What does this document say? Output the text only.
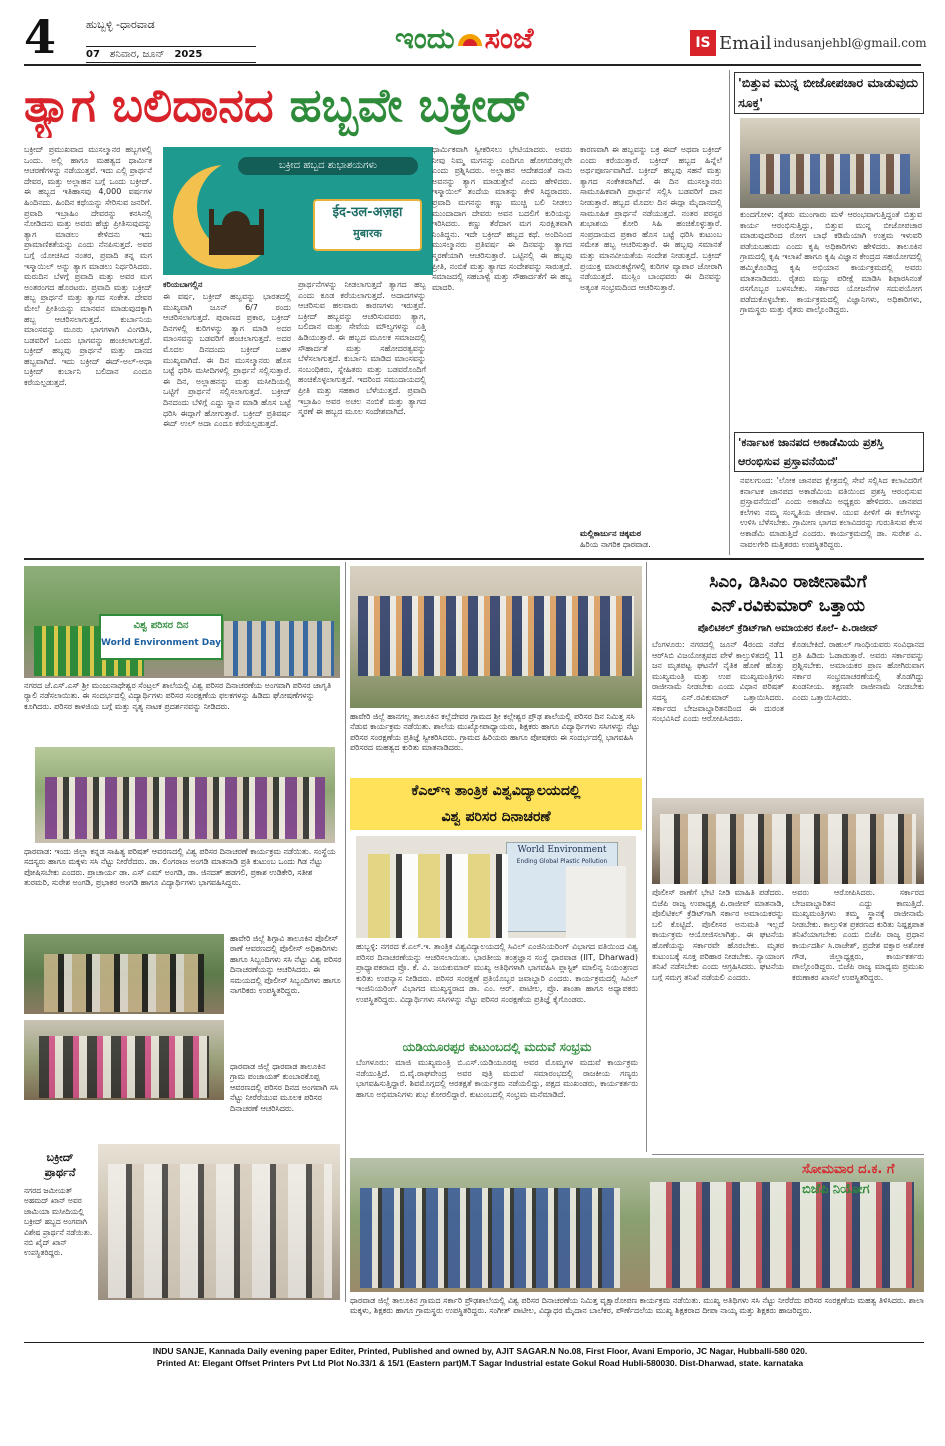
4	ಹುಬ್ಬಳ್ಳಿ -ಧಾರವಾಡ
07 ಶನಿವಾರ, ಜೂನ್ 2025	ಇಂದು ಸಂಜೆ	IS Email indusanjehbl@gmail.com
ತ್ಯಾಗ ಬಲಿದಾನದ ಹಬ್ಬವೇ ಬಕ್ರೀದ್
ಬಕ್ರೀದ್ ಪ್ರಮುಖವಾದ ಮುಸಲ್ಮಾನರ ಹಬ್ಬಗಳಲ್ಲಿ ಒಂದು. ಅಲ್ಲಿ ಹಾಗೂ ಮಹತ್ವದ ಧಾರ್ಮಿಕ ಆಚರಣೆಗಳನ್ನು ನಡೆಯುತ್ತವೆ. ಇದು ಎಲ್ಲಿ ಪ್ರಾರ್ಥನೆ ದೇವರ, ಮತ್ತು ಅಲ್ಲಾಹನ ಬಗ್ಗೆ ಒಂದು ಬಕ್ರೀದ್. ಈ ಹಬ್ಬದ ಇತಿಹಾಸವು 4,000 ವರ್ಷಗಳ ಹಿಂದಿನದು. ಹಿಂದಿನ ಕಥೆಯನ್ನು ಸೇರಿಸುವ ಜನರಿಗೆ. ಪ್ರವಾದಿ ಇಬ್ರಾಹಿಂ ದೇವರನ್ನು ಕನಸಿನಲ್ಲಿ ನೋಡಿದನು ಮತ್ತು ಅವರು ಹೆಚ್ಚು ಪ್ರೀತಿಸುವುದನ್ನು ತ್ಯಾಗ ಮಾಡಲು ಕೇಳಿದನು ಇದು ಪ್ರಾಮಾಣಿಕತೆಯನ್ನು ಎಂದು ನೆನಪಿಸುತ್ತದೆ. ಅವರ ಬಗ್ಗೆ ಯೋಚಿಸಿದ ನಂತರ, ಪ್ರವಾದಿ ತನ್ನ ಮಗ ಇಸ್ಮಾಯಿಲ್ ಅನ್ನು ತ್ಯಾಗ ಮಾಡಲು ನಿರ್ಧರಿಸಿದರು. ಮರುದಿನ ಬೆಳಗ್ಗೆ ಪ್ರವಾದಿ ಮತ್ತು ಅವರ ಮಗ ಅಂತರಂಗದ ಹೊರಟರು. ಪ್ರವಾದಿ ಮತ್ತು ಬಕ್ರೀದ್ ಹಬ್ಬ ಪ್ರಾರ್ಥನೆ ಮತ್ತು ತ್ಯಾಗದ ಸಂಕೇತ. ದೇವರ ಮೇಲೆ ಪ್ರೀತಿಯನ್ನು ಮಾನವನ ಮಾಡುವುದಕ್ಕಾಗಿ ಹಬ್ಬ ಆಚರಿಸಲಾಗುತ್ತದೆ. ಕುರ್ಬಾನಿಯ ಮಾಂಸವನ್ನು ಮೂರು ಭಾಗಗಳಾಗಿ ವಿಂಗಡಿಸಿ, ಬಡವರಿಗೆ ಒಂದು ಭಾಗವನ್ನು ಹಂಚಲಾಗುತ್ತದೆ. ಬಕ್ರೀದ್ ಹಬ್ಬವು ಪ್ರಾರ್ಥನೆ ಮತ್ತು ದಾನದ ಹಬ್ಬವಾಗಿದೆ. ಇದು ಬಕ್ರೀದ್ ಈದ್-ಅಲ್-ಅಧಾ ಬಕ್ರೀದ್ ಕುರ್ಬಾನಿ ಬಲಿದಾನ ಎಂದೂ ಕರೆಯಲ್ಪಡುತ್ತದೆ.
ಬಕ್ರೀದ ಹಬ್ಬದ ಶುಭಾಶಯಗಳು
ईद-उल-अज़हा
मुबारक
ಕರಿಯಬಾಗಲ್ಲಿನ
ಈ ವರ್ಷ, ಬಕ್ರೀದ್ ಹಬ್ಬವನ್ನು ಭಾರತದಲ್ಲಿ ಮುಖ್ಯವಾಗಿ ಜೂನ್ 6/7 ರಂದು ಆಚರಿಸಲಾಗುತ್ತದೆ. ಪುರಾಣದ ಪ್ರಕಾರ, ಬಕ್ರೀದ್ ದಿನಗಳಲ್ಲಿ ಕುರಿಗಳನ್ನು ತ್ಯಾಗ ಮಾಡಿ ಅದರ ಮಾಂಸವನ್ನು ಬಡವರಿಗೆ ಹಂಚಲಾಗುತ್ತದೆ. ಅದರ ಮೊದಲ ದಿನದಂದು ಬಕ್ರೀದ್ ಬಹಳ ಮುಖ್ಯವಾಗಿದೆ. ಈ ದಿನ ಮುಸಲ್ಮಾನರು ಹೊಸ ಬಟ್ಟೆ ಧರಿಸಿ ಮಸೀದಿಗಳಲ್ಲಿ ಪ್ರಾರ್ಥನೆ ಸಲ್ಲಿಸುತ್ತಾರೆ. ಈ ದಿನ, ಅಲ್ಲಾಹನನ್ನು ಮತ್ತು ಮಸೀದಿಯಲ್ಲಿ ಒಟ್ಟಿಗೆ ಪ್ರಾರ್ಥನೆ ಸಲ್ಲಿಸಲಾಗುತ್ತದೆ. ಬಕ್ರೀದ್ ದಿನದಂದು ಬೆಳಿಗ್ಗೆ ಎದ್ದು ಸ್ನಾನ ಮಾಡಿ ಹೊಸ ಬಟ್ಟೆ ಧರಿಸಿ ಈದ್ಗಾಗೆ ಹೋಗುತ್ತಾರೆ. ಬಕ್ರೀದ್ ಪ್ರತಿವರ್ಷ ಈದ್ ಉಲ್ ಅದಾ ಎಂದೂ ಕರೆಯಲ್ಪಡುತ್ತದೆ.
ಪ್ರಾರ್ಥನೆಗಳನ್ನು ನೀಡಲಾಗುತ್ತದೆ ತ್ಯಾಗದ ಹಬ್ಬ ಎಂದು ಕೂಡ ಕರೆಯಲಾಗುತ್ತದೆ. ಅದಾದಗಳನ್ನು ಆಚರಿಸುವ ಹಲವಾರು ಕಾರಣಗಳು ಇರುತ್ತವೆ. ಬಕ್ರೀದ್ ಹಬ್ಬವನ್ನು ಆಚರಿಸುವವರು ತ್ಯಾಗ, ಬಲಿದಾನ ಮತ್ತು ಸೇವೆಯ ಮೌಲ್ಯಗಳನ್ನು ಎತ್ತಿ ಹಿಡಿಯುತ್ತಾರೆ. ಈ ಹಬ್ಬದ ಮೂಲಕ ಸಮಾಜದಲ್ಲಿ ಸೌಹಾರ್ದತೆ ಮತ್ತು ಸಹೋದರತ್ವವನ್ನು ಬೆಳೆಸಲಾಗುತ್ತದೆ. ಕುರ್ಬಾನಿ ಮಾಡಿದ ಮಾಂಸವನ್ನು ಸಂಬಂಧಿಕರು, ಸ್ನೇಹಿತರು ಮತ್ತು ಬಡವರೊಂದಿಗೆ ಹಂಚಿಕೊಳ್ಳಲಾಗುತ್ತದೆ. ಇದರಿಂದ ಸಮುದಾಯದಲ್ಲಿ ಪ್ರೀತಿ ಮತ್ತು ಸಹಕಾರ ಬೆಳೆಯುತ್ತದೆ. ಪ್ರವಾದಿ ಇಬ್ರಾಹಿಂ ಅವರ ಅಚಲ ನಂಬಿಕೆ ಮತ್ತು ತ್ಯಾಗದ ಸ್ಮರಣೆ ಈ ಹಬ್ಬದ ಮೂಲ ಸಂದೇಶವಾಗಿದೆ.
ಧಾರ್ಮಿಕವಾಗಿ ಸ್ವೀಕರಿಸಲು ಭೇಟಿಯಾದರು. ಅವರು ನೀವು ನಿಮ್ಮ ಮಗನನ್ನು ಎಂದಿಗೂ ಹೋಗಬಿಡಲ್ಲವೇ ಎಂದು ಪ್ರಶ್ನಿಸಿದರು. ಅಲ್ಲಾಹನ ಆದೇಶದಂತೆ ನಾನು ಅವನನ್ನು ತ್ಯಾಗ ಮಾಡುತ್ತೇನೆ ಎಂದು ಹೇಳಿದರು. ಇಸ್ಮಾಯಿಲ್ ತಂದೆಯ ಮಾತನ್ನು ಕೇಳಿ ಸಿದ್ಧರಾದರು. ಪ್ರವಾದಿ ಮಗನನ್ನು ಕಣ್ಣು ಮುಚ್ಚಿ ಬಲಿ ನೀಡಲು ಮುಂದಾದಾಗ ದೇವರು ಅವನ ಬದಲಿಗೆ ಕುರಿಯನ್ನು ಇರಿಸಿದರು. ಕಣ್ಣು ತೆರೆದಾಗ ಮಗ ಸುರಕ್ಷಿತವಾಗಿ ನಿಂತಿದ್ದನು. ಇದೇ ಬಕ್ರೀದ್ ಹಬ್ಬದ ಕಥೆ. ಅಂದಿನಿಂದ ಮುಸಲ್ಮಾನರು ಪ್ರತಿವರ್ಷ ಈ ದಿನವನ್ನು ತ್ಯಾಗದ ಸ್ಮರಣೆಯಾಗಿ ಆಚರಿಸುತ್ತಾರೆ. ಒಟ್ಟಿನಲ್ಲಿ ಈ ಹಬ್ಬವು ಪ್ರೀತಿ, ನಂಬಿಕೆ ಮತ್ತು ತ್ಯಾಗದ ಸಂದೇಶವನ್ನು ಸಾರುತ್ತದೆ. ಸಮಾಜದಲ್ಲಿ ಸಹಬಾಳ್ವೆ ಮತ್ತು ಸೌಹಾರ್ದತೆಗೆ ಈ ಹಬ್ಬ ಮಾದರಿ.
ಕಾರಣವಾಗಿ ಈ ಹಬ್ಬವನ್ನು ಬಕ್ರ ಈದ್ ಅಥವಾ ಬಕ್ರೀದ್ ಎಂದು ಕರೆಯುತ್ತಾರೆ. ಬಕ್ರೀದ್ ಹಬ್ಬದ ಹಿನ್ನೆಲೆ ಅರ್ಥಪೂರ್ಣವಾಗಿದೆ. ಬಕ್ರೀದ್ ಹಬ್ಬವು ಸಹನೆ ಮತ್ತು ತ್ಯಾಗದ ಸಂಕೇತವಾಗಿದೆ. ಈ ದಿನ ಮುಸಲ್ಮಾನರು ಸಾಮೂಹಿಕವಾಗಿ ಪ್ರಾರ್ಥನೆ ಸಲ್ಲಿಸಿ ಬಡವರಿಗೆ ದಾನ ನೀಡುತ್ತಾರೆ. ಹಬ್ಬದ ಮೊದಲ ದಿನ ಈದ್ಗಾ ಮೈದಾನದಲ್ಲಿ ಸಾಮೂಹಿಕ ಪ್ರಾರ್ಥನೆ ನಡೆಯುತ್ತದೆ. ನಂತರ ಪರಸ್ಪರ ಶುಭಾಶಯ ಕೋರಿ ಸಿಹಿ ಹಂಚಿಕೊಳ್ಳುತ್ತಾರೆ. ಸಂಪ್ರದಾಯದ ಪ್ರಕಾರ ಹೊಸ ಬಟ್ಟೆ ಧರಿಸಿ ಕುಟುಂಬ ಸಮೇತ ಹಬ್ಬ ಆಚರಿಸುತ್ತಾರೆ. ಈ ಹಬ್ಬವು ಸಮಾನತೆ ಮತ್ತು ಮಾನವೀಯತೆಯ ಸಂದೇಶ ನೀಡುತ್ತದೆ. ಬಕ್ರೀದ್ ಪ್ರಯುಕ್ತ ಮಾರುಕಟ್ಟೆಗಳಲ್ಲಿ ಕುರಿಗಳ ವ್ಯಾಪಾರ ಜೋರಾಗಿ ನಡೆಯುತ್ತದೆ. ಮುಸ್ಲಿಂ ಬಾಂಧವರು ಈ ದಿನವನ್ನು ಅತ್ಯಂತ ಸಂಭ್ರಮದಿಂದ ಆಚರಿಸುತ್ತಾರೆ.
ಮಲ್ಲಿಕಾರ್ಜುನ ಚಿಕ್ಕಮಠ
ಹಿರಿಯ ನಾಗರಿಕ ಧಾರವಾಡ.
'ಬಿತ್ತುವ ಮುನ್ನ ಬೀಜೋಪಚಾರ ಮಾಡುವುದು ಸೂಕ್ತ'
ಕುಂದಗೋಳ: ರೈತರು ಮುಂಗಾರು ಮಳೆ ಆರಂಭವಾಗುತ್ತಿದ್ದಂತೆ ಬಿತ್ತುವ ಕಾರ್ಯ ಆರಂಭಿಸುತ್ತಿದ್ದು, ಬಿತ್ತುವ ಮುನ್ನ ಬೀಜೋಪಚಾರ ಮಾಡುವುದರಿಂದ ರೋಗ ಬಾಧೆ ಕಡಿಮೆಯಾಗಿ ಉತ್ತಮ ಇಳುವರಿ ಪಡೆಯಬಹುದು ಎಂದು ಕೃಷಿ ಅಧಿಕಾರಿಗಳು ಹೇಳಿದರು. ತಾಲೂಕಿನ ಗ್ರಾಮದಲ್ಲಿ ಕೃಷಿ ಇಲಾಖೆ ಹಾಗೂ ಕೃಷಿ ವಿಜ್ಞಾನ ಕೇಂದ್ರದ ಸಹಯೋಗದಲ್ಲಿ ಹಮ್ಮಿಕೊಂಡಿದ್ದ ಕೃಷಿ ಅಭಿಯಾನ ಕಾರ್ಯಕ್ರಮದಲ್ಲಿ ಅವರು ಮಾತನಾಡಿದರು. ರೈತರು ಮಣ್ಣು ಪರೀಕ್ಷೆ ಮಾಡಿಸಿ ಶಿಫಾರಸಿನಂತೆ ರಸಗೊಬ್ಬರ ಬಳಸಬೇಕು. ಸರ್ಕಾರದ ಯೋಜನೆಗಳ ಸದುಪಯೋಗ ಪಡೆದುಕೊಳ್ಳಬೇಕು. ಕಾರ್ಯಕ್ರಮದಲ್ಲಿ ವಿಜ್ಞಾನಿಗಳು, ಅಧಿಕಾರಿಗಳು, ಗ್ರಾಮಸ್ಥರು ಮತ್ತು ರೈತರು ಪಾಲ್ಗೊಂಡಿದ್ದರು.
'ಕರ್ನಾಟಕ ಜಾನಪದ ಅಕಾಡೆಮಿಯ ಪ್ರಶಸ್ತಿ ಆರಂಭಿಸುವ ಪ್ರಸ್ತಾವನೆಯಿದೆ'
ನವಲಗುಂದ: 'ಲೋಕ ಜಾನಪದ ಕ್ಷೇತ್ರದಲ್ಲಿ ಸೇವೆ ಸಲ್ಲಿಸಿದ ಕಲಾವಿದರಿಗೆ ಕರ್ನಾಟಕ ಜಾನಪದ ಅಕಾಡೆಮಿಯ ವತಿಯಿಂದ ಪ್ರಶಸ್ತಿ ಆರಂಭಿಸುವ ಪ್ರಸ್ತಾವನೆಯಿದೆ' ಎಂದು ಅಕಾಡೆಮಿ ಅಧ್ಯಕ್ಷರು ಹೇಳಿದರು. ಜಾನಪದ ಕಲೆಗಳು ನಮ್ಮ ಸಂಸ್ಕೃತಿಯ ಜೀವಾಳ. ಯುವ ಪೀಳಿಗೆ ಈ ಕಲೆಗಳನ್ನು ಉಳಿಸಿ ಬೆಳೆಸಬೇಕು. ಗ್ರಾಮೀಣ ಭಾಗದ ಕಲಾವಿದರನ್ನು ಗುರುತಿಸುವ ಕೆಲಸ ಅಕಾಡೆಮಿ ಮಾಡುತ್ತಿದೆ ಎಂದರು. ಕಾರ್ಯಕ್ರಮದಲ್ಲಿ ಡಾ. ಸುರೇಶ ಎ. ನಾವಲಗೇರಿ ಮತ್ತಿತರರು ಉಪಸ್ಥಿತರಿದ್ದರು.
ವಿಶ್ವ ಪರಿಸರ ದಿನ
World Environment Day
ನಗರದ ಜೆ.ಎಸ್.ಎಸ್ ಶ್ರೀ ಮಂಜುನಾಥೇಶ್ವರ ಸೆಂಟ್ರಲ್ ಶಾಲೆಯಲ್ಲಿ ವಿಶ್ವ ಪರಿಸರ ದಿನಾಚರಣೆಯ ಅಂಗವಾಗಿ ಪರಿಸರ ಜಾಗೃತಿ ರ‍್ಯಾಲಿ ನಡೆಸಲಾಯಿತು. ಈ ಸಂದರ್ಭದಲ್ಲಿ ವಿದ್ಯಾರ್ಥಿಗಳು ಪರಿಸರ ಸಂರಕ್ಷಣೆಯ ಫಲಕಗಳನ್ನು ಹಿಡಿದು ಘೋಷಣೆಗಳನ್ನು ಕೂಗಿದರು. ಪರಿಸರ ಕಾಳಜಿಯ ಬಗ್ಗೆ ಮತ್ತು ನೃತ್ಯ ನಾಟಕ ಪ್ರದರ್ಶನವನ್ನು ನೀಡಿದರು.
ಧಾರವಾಡ: ಇಂದು ಜಿಲ್ಲಾ ಕನ್ನಡ ಸಾಹಿತ್ಯ ಪರಿಷತ್ ಆವರಣದಲ್ಲಿ ವಿಶ್ವ ಪರಿಸರ ದಿನಾಚರಣೆ ಕಾರ್ಯಕ್ರಮ ನಡೆಯಿತು. ಸಂಸ್ಥೆಯ ಸದಸ್ಯರು ಹಾಗೂ ಮಕ್ಕಳು ಸಸಿ ನೆಟ್ಟು ನೀರೆರೆದರು. ಡಾ. ಲಿಂಗರಾಜ ಅಂಗಡಿ ಮಾತನಾಡಿ ಪ್ರತಿ ಕುಟುಂಬ ಒಂದು ಗಿಡ ನೆಟ್ಟು ಪೋಷಿಸಬೇಕು ಎಂದರು. ಪ್ರಾಚಾರ್ಯ ಡಾ. ಎಸ್ ಎಮ್ ಅಂಗಡಿ, ಡಾ. ಜಿನದತ್ ಹಡಗಲಿ, ಪ್ರಕಾಶ ಉಡಿಕೇರಿ, ಸತೀಶ ತುರಮರಿ, ಸುರೇಶ ಅಂಗಡಿ, ಪ್ರಭಾಕರ ಅಂಗಡಿ ಹಾಗೂ ವಿದ್ಯಾರ್ಥಿಗಳು ಭಾಗವಹಿಸಿದ್ದರು.
ಹಾವೇರಿ ಜಿಲ್ಲೆ ಶಿಗ್ಗಾವಿ ತಾಲೂಕಿನ ಪೊಲೀಸ್ ಠಾಣೆ ಆವರಣದಲ್ಲಿ ಪೊಲೀಸ್ ಅಧಿಕಾರಿಗಳು ಹಾಗೂ ಸಿಬ್ಬಂದಿಗಳು ಸಸಿ ನೆಟ್ಟು ವಿಶ್ವ ಪರಿಸರ ದಿನಾಚರಣೆಯನ್ನು ಆಚರಿಸಿದರು. ಈ ಸಮಯದಲ್ಲಿ ಪೊಲೀಸ್ ಸಿಬ್ಬಂದಿಗಳು ಹಾಗೂ ನಾಗರಿಕರು ಉಪಸ್ಥಿತರಿದ್ದರು.
ಧಾರವಾಡ ಜಿಲ್ಲೆ ಧಾರವಾಡ ತಾಲೂಕಿನ ಗ್ರಾಮ ಪಂಚಾಯತ್ ಕುಂಬಾರಕೊಪ್ಪ ಆವರಣದಲ್ಲಿ ಪರಿಸರ ದಿನದ ಅಂಗವಾಗಿ ಸಸಿ ನೆಟ್ಟು ನೀರೆರೆಯುವ ಮೂಲಕ ಪರಿಸರ ದಿನಾಚರಣೆ ಆಚರಿಸಿದರು.
ಬಕ್ರೀದ್
ಪ್ರಾರ್ಥನೆ
ನಗರದ ಜಮೀಯತ್ ಅಹಮದ್ ಖಾನ್ ಅವರ ಜಾಮಿಯಾ ಮಸೀದಿಯಲ್ಲಿ ಬಕ್ರೀದ್ ಹಬ್ಬದ ಅಂಗವಾಗಿ ವಿಶೇಷ ಪ್ರಾರ್ಥನೆ ನಡೆಯಿತು. ನಬಿ ಖೈದ್ ಖಾನ್ ಉಪಸ್ಥಿತರಿದ್ದರು.
ಹಾವೇರಿ ಜಿಲ್ಲೆ ಹಾನಗಲ್ಲ ತಾಲೂಕಿನ ಕಲ್ಲೆದೇವರ ಗ್ರಾಮದ ಶ್ರೀ ಕಲ್ಲೇಶ್ವರ ಪ್ರೌಢ ಶಾಲೆಯಲ್ಲಿ ಪರಿಸರ ದಿನ ನಿಮಿತ್ತ ಸಸಿ ನೆಡುವ ಕಾರ್ಯಕ್ರಮ ನಡೆಯಿತು. ಶಾಲೆಯ ಮುಖ್ಯೋಪಾಧ್ಯಾಯರು, ಶಿಕ್ಷಕರು ಹಾಗೂ ವಿದ್ಯಾರ್ಥಿಗಳು ಸಸಿಗಳನ್ನು ನೆಟ್ಟು ಪರಿಸರ ಸಂರಕ್ಷಣೆಯ ಪ್ರತಿಜ್ಞೆ ಸ್ವೀಕರಿಸಿದರು. ಗ್ರಾಮದ ಹಿರಿಯರು ಹಾಗೂ ಪೋಷಕರು ಈ ಸಂದರ್ಭದಲ್ಲಿ ಭಾಗವಹಿಸಿ ಪರಿಸರದ ಮಹತ್ವದ ಕುರಿತು ಮಾತನಾಡಿದರು.
ಕೆಎಲ್‌ಇ ತಾಂತ್ರಿಕ ವಿಶ್ವವಿದ್ಯಾಲಯದಲ್ಲಿ
ವಿಶ್ವ ಪರಿಸರ ದಿನಾಚರಣೆ
World Environment
Ending Global Plastic Pollution
ಹುಬ್ಬಳ್ಳಿ: ನಗರದ ಕೆ.ಎಲ್.ಇ. ತಾಂತ್ರಿಕ ವಿಶ್ವವಿದ್ಯಾಲಯದಲ್ಲಿ ಸಿವಿಲ್ ಎಂಜಿನಿಯರಿಂಗ್ ವಿಭಾಗದ ವತಿಯಿಂದ ವಿಶ್ವ ಪರಿಸರ ದಿನಾಚರಣೆಯನ್ನು ಆಚರಿಸಲಾಯಿತು. ಭಾರತೀಯ ತಂತ್ರಜ್ಞಾನ ಸಂಸ್ಥೆ ಧಾರವಾಡ (IIT, Dharwad) ಪ್ರಾಧ್ಯಾಪಕರಾದ ಪ್ರೊ. ಕೆ. ವಿ. ಜಯಕುಮಾರ್ ಮುಖ್ಯ ಅತಿಥಿಗಳಾಗಿ ಭಾಗವಹಿಸಿ ಪ್ಲಾಸ್ಟಿಕ್ ಮಾಲಿನ್ಯ ನಿಯಂತ್ರಣದ ಕುರಿತು ಉಪನ್ಯಾಸ ನೀಡಿದರು. ಪರಿಸರ ಸಂರಕ್ಷಣೆ ಪ್ರತಿಯೊಬ್ಬರ ಜವಾಬ್ದಾರಿ ಎಂದರು. ಕಾರ್ಯಕ್ರಮದಲ್ಲಿ ಸಿವಿಲ್ ಇಂಜಿನಿಯರಿಂಗ್ ವಿಭಾಗದ ಮುಖ್ಯಸ್ಥರಾದ ಡಾ. ಎಂ. ಆರ್. ಪಾಟೀಲ, ಪ್ರೊ. ಶಾಂತಾ ಹಾಗೂ ಅಧ್ಯಾಪಕರು ಉಪಸ್ಥಿತರಿದ್ದರು. ವಿದ್ಯಾರ್ಥಿಗಳು ಸಸಿಗಳನ್ನು ನೆಟ್ಟು ಪರಿಸರ ಸಂರಕ್ಷಣೆಯ ಪ್ರತಿಜ್ಞೆ ಕೈಗೊಂಡರು.
ಯಡಿಯೂರಪ್ಪರ ಕುಟುಂಬದಲ್ಲಿ ಮದುವೆ ಸಂಭ್ರಮ
ಬೆಂಗಳೂರು: ಮಾಜಿ ಮುಖ್ಯಮಂತ್ರಿ ಬಿ.ಎಸ್.ಯಡಿಯೂರಪ್ಪ ಅವರ ಮೊಮ್ಮಗಳ ಮದುವೆ ಕಾರ್ಯಕ್ರಮ ನಡೆಯುತ್ತಿದೆ. ಬಿ.ವೈ.ರಾಘವೇಂದ್ರ ಅವರ ಪುತ್ರಿ ಮದುವೆ ಸಮಾರಂಭದಲ್ಲಿ ರಾಜಕೀಯ ಗಣ್ಯರು ಭಾಗವಹಿಸುತ್ತಿದ್ದಾರೆ. ಶಿವಮೊಗ್ಗದಲ್ಲಿ ಆರತಕ್ಷತೆ ಕಾರ್ಯಕ್ರಮ ನಡೆಯಲಿದ್ದು, ಪಕ್ಷದ ಮುಖಂಡರು, ಕಾರ್ಯಕರ್ತರು ಹಾಗೂ ಅಭಿಮಾನಿಗಳು ಶುಭ ಕೋರಲಿದ್ದಾರೆ. ಕುಟುಂಬದಲ್ಲಿ ಸಂಭ್ರಮ ಮನೆಮಾಡಿದೆ.
ಧಾರವಾಡ ಜಿಲ್ಲೆ ತಾಲೂಕಿನ ಗ್ರಾಮದ ಸರ್ಕಾರಿ ಪ್ರೌಢಶಾಲೆಯಲ್ಲಿ ವಿಶ್ವ ಪರಿಸರ ದಿನಾಚರಣೆಯ ನಿಮಿತ್ತ ವೃಕ್ಷಾರೋಪಣ ಕಾರ್ಯಕ್ರಮ ನಡೆಯಿತು. ಮುಖ್ಯ ಅತಿಥಿಗಳು ಸಸಿ ನೆಟ್ಟು ನೀರೆರೆದು ಪರಿಸರ ಸಂರಕ್ಷಣೆಯ ಮಹತ್ವ ತಿಳಿಸಿದರು. ಶಾಲಾ ಮಕ್ಕಳು, ಶಿಕ್ಷಕರು ಹಾಗೂ ಗ್ರಾಮಸ್ಥರು ಉಪಸ್ಥಿತರಿದ್ದರು. ಸಂಗೀತ್ ಪಾಟೀಲ, ವಿದ್ಯಾಧರ ಮೈದಾನ ಬಾಲೆಕರ, ಪೌರ್ಣೆದಲೆಯ ಮುಖ್ಯ ಶಿಕ್ಷಕರಾದ ದೀಪಾ ನಾಯ್ಕ ಮತ್ತು ಶಿಕ್ಷಕರು ಹಾಜರಿದ್ದರು.
ಸಿಎಂ, ಡಿಸಿಎಂ ರಾಜೀನಾಮೆಗೆ
ಎನ್.ರವಿಕುಮಾರ್ ಒತ್ತಾಯ
ಪೊಲಿಟಿಕಲ್ ಕ್ರೆಡಿಟ್‌ಗಾಗಿ ಅಮಾಯಕರ ಕೊಲೆ– ಪಿ.ರಾಜೀವ್
ಬೆಂಗಳೂರು: ನಗರದಲ್ಲಿ ಜೂನ್ 4ರಂದು ನಡೆದ ಆರ್‌ಸಿಬಿ ವಿಜಯೋತ್ಸವದ ವೇಳೆ ಕಾಲ್ತುಳಿತದಲ್ಲಿ 11 ಜನ ಮೃತಪಟ್ಟ ಘಟನೆಗೆ ನೈತಿಕ ಹೊಣೆ ಹೊತ್ತು ಮುಖ್ಯಮಂತ್ರಿ ಮತ್ತು ಉಪ ಮುಖ್ಯಮಂತ್ರಿಗಳು ರಾಜೀನಾಮೆ ನೀಡಬೇಕು ಎಂದು ವಿಧಾನ ಪರಿಷತ್ ಸದಸ್ಯ ಎನ್.ರವಿಕುಮಾರ್ ಒತ್ತಾಯಿಸಿದರು. ಸರ್ಕಾರದ ಬೇಜವಾಬ್ದಾರಿತನದಿಂದ ಈ ದುರಂತ ಸಂಭವಿಸಿದೆ ಎಂದು ಆರೋಪಿಸಿದರು.
ಕೊಡಬೇಕಿದೆ. ರಾಹುಲ್ ಗಾಂಧಿಯವರು ಸಂವಿಧಾನದ ಪ್ರತಿ ಹಿಡಿದು ಓಡಾಡುತ್ತಾರೆ. ಅವರು ಸರ್ಕಾರವನ್ನು ಪ್ರಶ್ನಿಸಬೇಕು. ಅಮಾಯಕರ ಪ್ರಾಣ ಹೋಗಿರುವಾಗ ಸರ್ಕಾರ ಸಂಭ್ರಮಾಚರಣೆಯಲ್ಲಿ ತೊಡಗಿದ್ದು ಖಂಡನೀಯ. ತಕ್ಷಣವೇ ರಾಜೀನಾಮೆ ನೀಡಬೇಕು ಎಂದು ಒತ್ತಾಯಿಸಿದರು.
ಪೊಲೀಸ್ ಠಾಣೆಗೆ ಭೇಟಿ ನೀಡಿ ಮಾಹಿತಿ ಪಡೆದರು. ಬಿಜೆಪಿ ರಾಜ್ಯ ಉಪಾಧ್ಯಕ್ಷ ಪಿ.ರಾಜೀವ್ ಮಾತನಾಡಿ, ಪೊಲಿಟಿಕಲ್ ಕ್ರೆಡಿಟ್‌ಗಾಗಿ ಸರ್ಕಾರ ಅಮಾಯಕರನ್ನು ಬಲಿ ಕೊಟ್ಟಿದೆ. ಪೊಲೀಸರ ಅನುಮತಿ ಇಲ್ಲದೆ ಕಾರ್ಯಕ್ರಮ ಆಯೋಜಿಸಲಾಗಿತ್ತು. ಈ ಘಟನೆಯ ಹೊಣೆಯನ್ನು ಸರ್ಕಾರವೇ ಹೊರಬೇಕು. ಮೃತರ ಕುಟುಂಬಕ್ಕೆ ಸೂಕ್ತ ಪರಿಹಾರ ನೀಡಬೇಕು. ನ್ಯಾಯಾಂಗ ತನಿಖೆ ನಡೆಸಬೇಕು ಎಂದು ಆಗ್ರಹಿಸಿದರು. ಘಟನೆಯ ಬಗ್ಗೆ ಸಮಗ್ರ ತನಿಖೆ ನಡೆಯಲಿ ಎಂದರು.
ಅವರು ಆರೋಪಿಸಿದರು. ಸರ್ಕಾರದ ಬೇಜವಾಬ್ದಾರಿತನ ಎದ್ದು ಕಾಣುತ್ತಿದೆ. ಮುಖ್ಯಮಂತ್ರಿಗಳು ತಮ್ಮ ಸ್ಥಾನಕ್ಕೆ ರಾಜೀನಾಮೆ ನೀಡಬೇಕು. ಕಾಲ್ತುಳಿತ ಪ್ರಕರಣದ ಕುರಿತು ನಿಷ್ಪಕ್ಷಪಾತ ತನಿಖೆಯಾಗಬೇಕು ಎಂದು ಬಿಜೆಪಿ ರಾಜ್ಯ ಪ್ರಧಾನ ಕಾರ್ಯದರ್ಶಿ ಸಿ.ರಾಜೇಶ್, ಪ್ರದೇಶ ವಕ್ತಾರ ಅಶೋಕ ಗೌಡ, ಜಿಲ್ಲಾಧ್ಯಕ್ಷರು, ಕಾರ್ಯಕರ್ತರು ಪಾಲ್ಗೊಂಡಿದ್ದರು. ಬಿಜೆಪಿ ರಾಜ್ಯ ಮಾಧ್ಯಮ ಪ್ರಮುಖ ಕರುಣಾಕರ ಖಾಸಲೆ ಉಪಸ್ಥಿತರಿದ್ದರು.
ಸೋಮವಾರ ದ.ಕ. ಗೆ
ಬಿಜೆಪಿ ನಿಯೋಗ
INDU SANJE, Kannada Daily evening paper Editer, Printed, Published and owned by, AJIT SAGAR.N No.08, First Floor, Avani Emporio, JC Nagar, Hubballi-580 020.
Printed At: Elegant Offset Printers Pvt Ltd Plot No.33/1 & 15/1 (Eastern part)M.T Sagar Industrial estate Gokul Road Hubli-580030. Dist-Dharwad, state. karnataka
